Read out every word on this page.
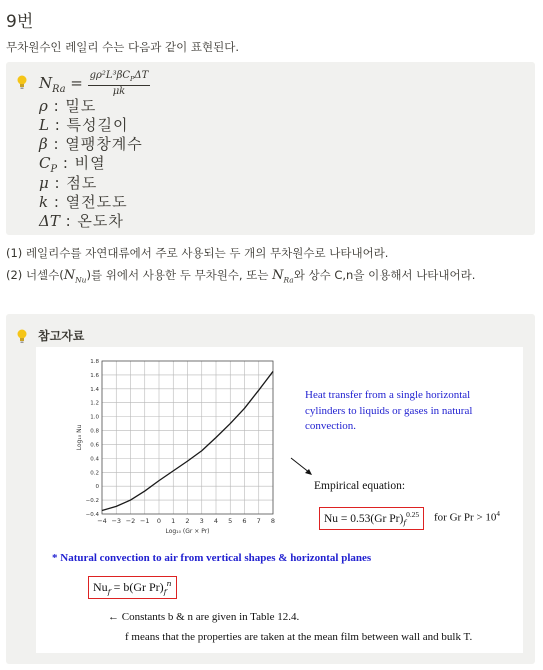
9번
무차원수인 레일리 수는 다음과 같이 표현된다.
$N_{Ra} = g\rho^2L^3\beta C_P\Delta T$
μk
ρ : 밀도
L : 특성길이
β : 열팽창계수
$C_P$ : 비열
μ : 점도
k : 열전도도
ΔT : 온도차
(1) 레일리수를 자연대류에서 주로 사용되는 두 개의 무차원수로 나타내어라.
(2) 너셀수$(N_{Nu})$를 위에서 사용한 두 무차원수, 또는 $N_{Ra}$와 상수 C,n을 이용해서 나타내어라.
참고자료
−4 −3 −2 −1 0 1 2 3 4 5 6 7 8
−0.4
−0.2
0
0.2
0.4
0.6
0.8
1.0
1.2
1.4
1.6
1.8
Log₁₀ (Gr × Pr)
Log₁₀ Nu
Heat transfer from a single horizontal cylinders to liquids or gases in natural convection.
Empirical equation:
Nu = 0.53(Gr $Pr)_f^{0.25}$	for Gr $Pr > 10^4$
* Natural convection to air from vertical shapes & horizontal planes
$Nu_f = b(Gr$ $Pr)_f^n$
← Constants b & n are given in Table 12.4.
f means that the properties are taken at the mean film between wall and bulk T.
